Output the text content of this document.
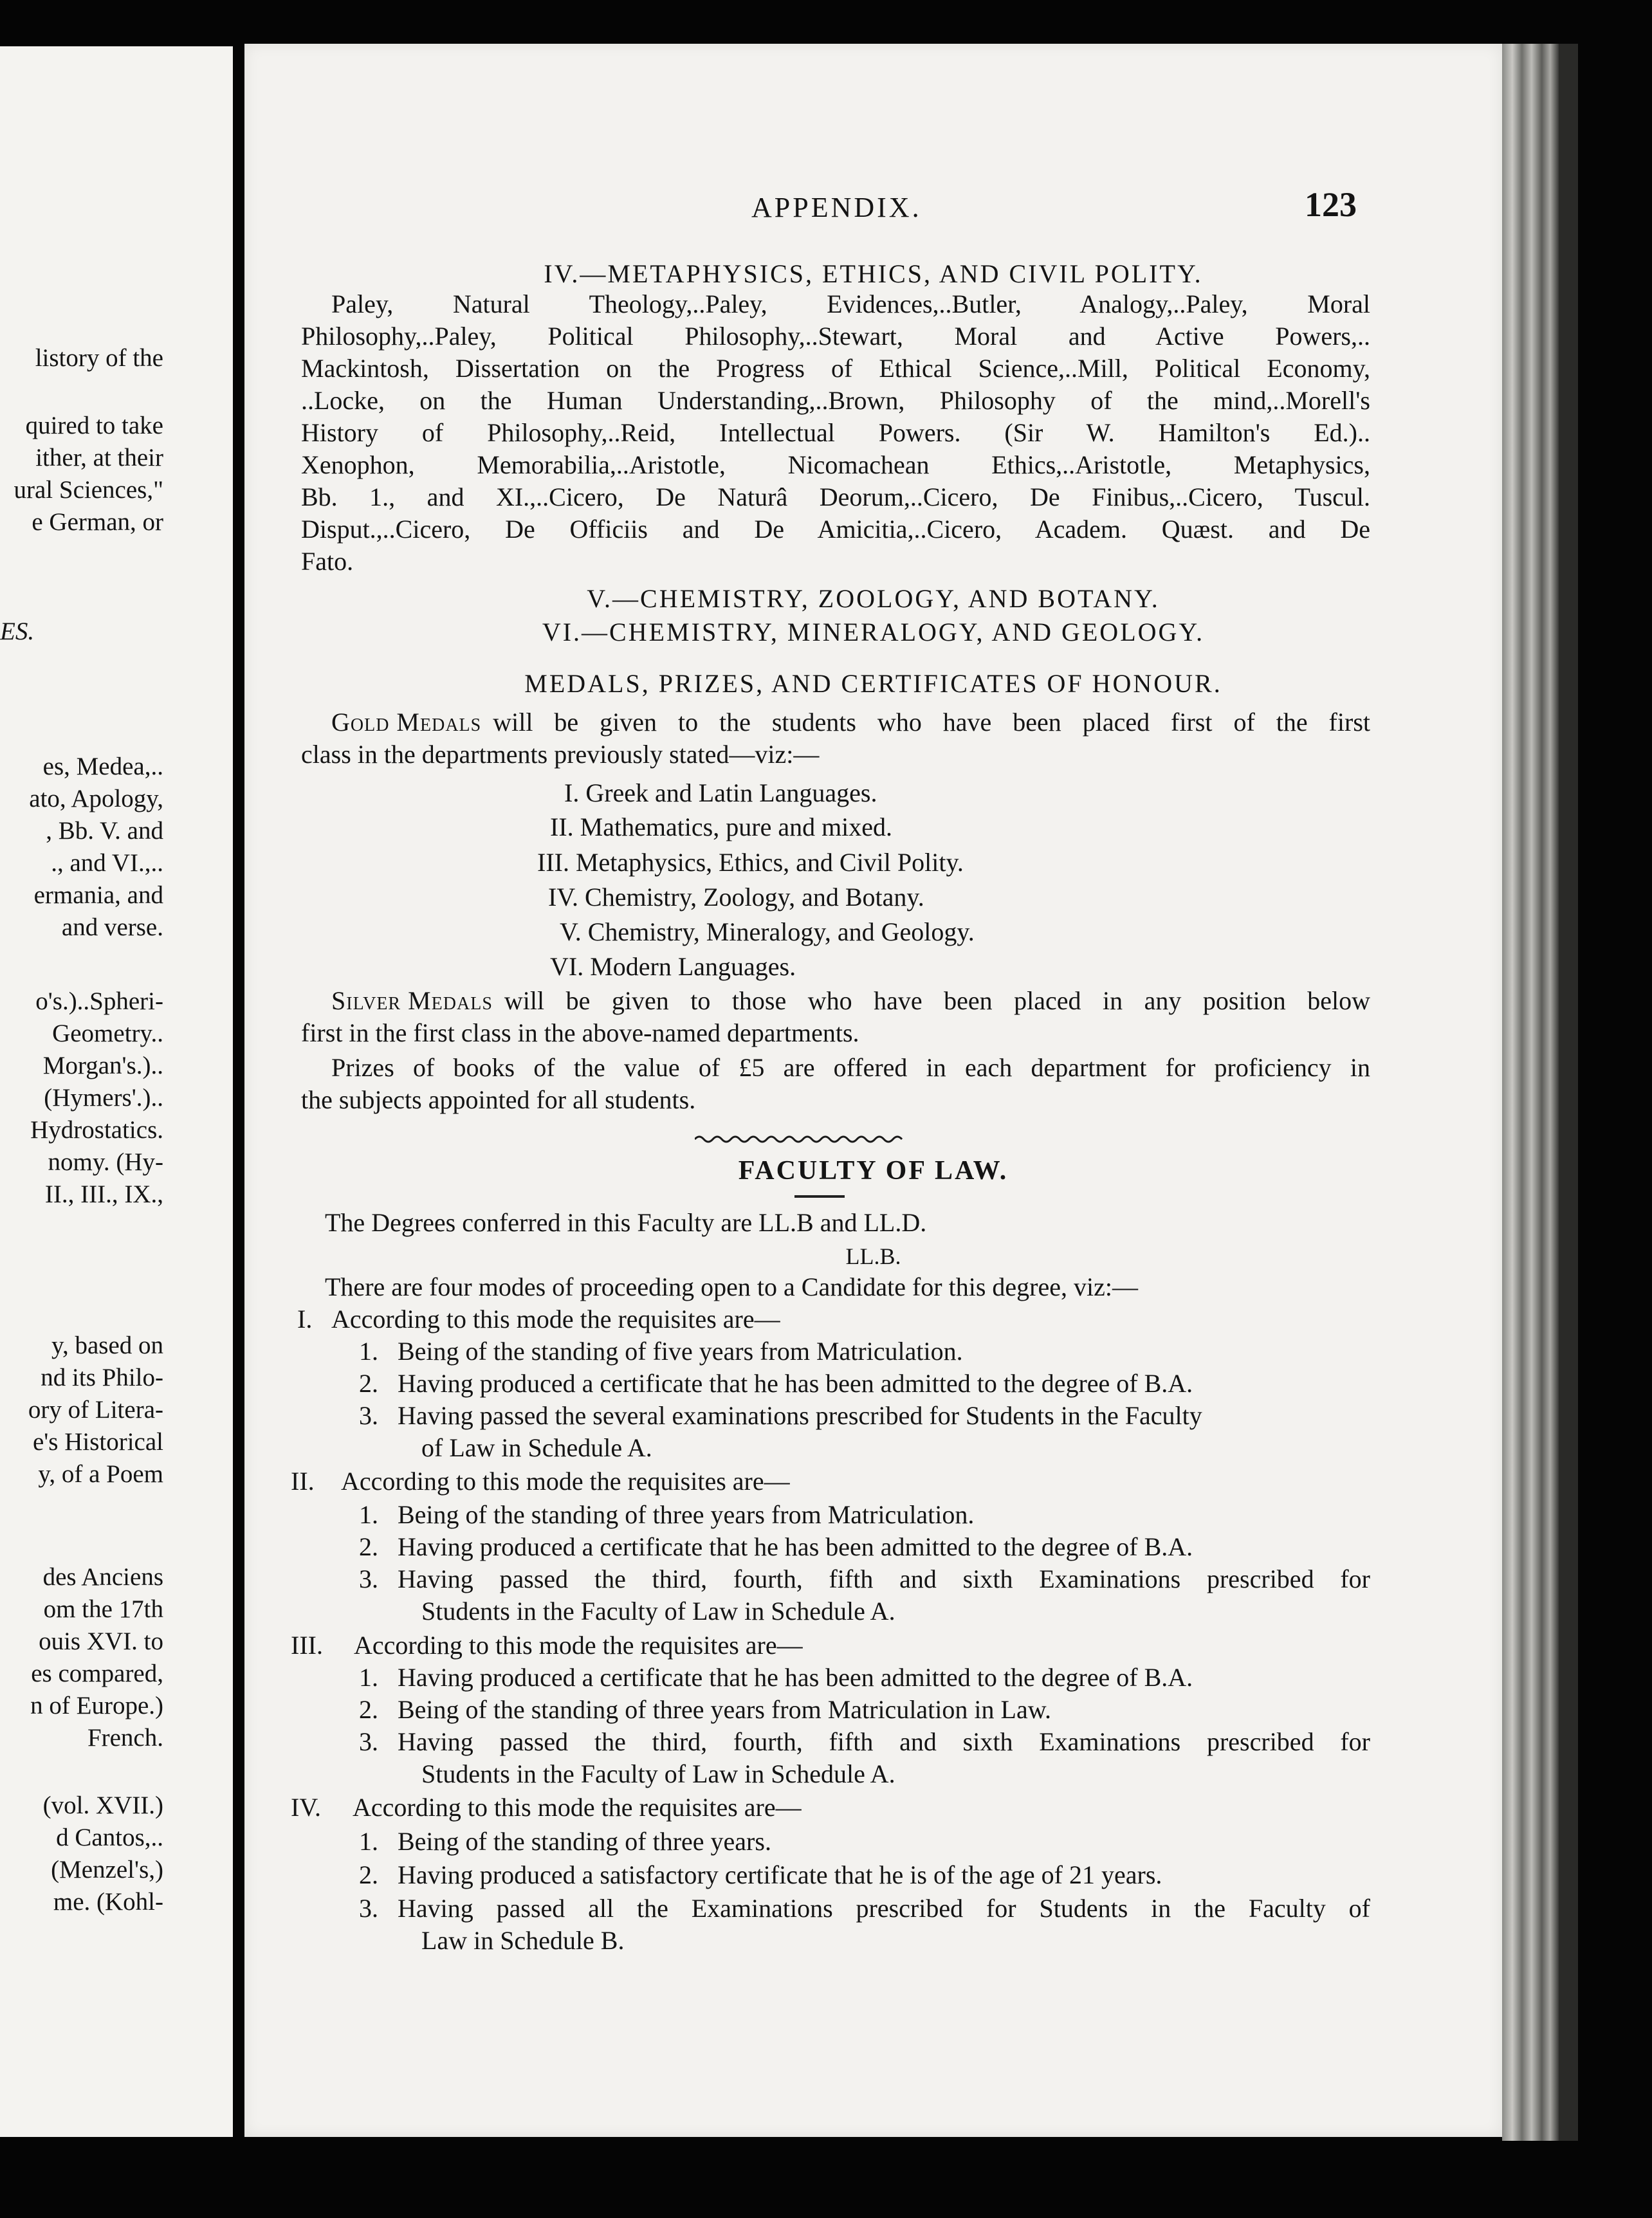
listory of the
quired to take
ither, at their
ural Sciences,"
e German, or
ES.
es, Medea,..
ato, Apology,
, Bb. V. and
., and VI.,..
ermania, and
and verse.
o's.)..Spheri-
Geometry..
Morgan's.)..
(Hymers'.)..
Hydrostatics.
nomy. (Hy-
II., III., IX.,
y, based on
nd its Philo-
ory of Litera-
e's Historical
y, of a Poem
des Anciens
om the 17th
ouis XVI. to
es compared,
n of Europe.)
French.
(vol. XVII.)
d Cantos,..
(Menzel's,)
me. (Kohl-
APPENDIX.	123
IV.—METAPHYSICS, ETHICS, AND CIVIL POLITY.
Paley, Natural Theology,..Paley, Evidences,..Butler, Analogy,..Paley, Moral
Philosophy,..Paley, Political Philosophy,..Stewart, Moral and Active Powers,..
Mackintosh, Dissertation on the Progress of Ethical Science,..Mill, Political Economy,
..Locke, on the Human Understanding,..Brown, Philosophy of the mind,..Morell's
History of Philosophy,..Reid, Intellectual Powers. (Sir W. Hamilton's Ed.)..
Xenophon, Memorabilia,..Aristotle, Nicomachean Ethics,..Aristotle, Metaphysics,
Bb. 1., and XI.,..Cicero, De Naturâ Deorum,..Cicero, De Finibus,..Cicero, Tuscul.
Disput.,..Cicero, De Officiis and De Amicitia,..Cicero, Academ. Quæst. and De
Fato.
V.—CHEMISTRY, ZOOLOGY, AND BOTANY.
VI.—CHEMISTRY, MINERALOGY, AND GEOLOGY.
MEDALS, PRIZES, AND CERTIFICATES OF HONOUR.
Gold Medals will be given to the students who have been placed first of the first
class in the departments previously stated—viz:—
I. Greek and Latin Languages.
II. Mathematics, pure and mixed.
III. Metaphysics, Ethics, and Civil Polity.
IV. Chemistry, Zoology, and Botany.
V. Chemistry, Mineralogy, and Geology.
VI. Modern Languages.
Silver Medals will be given to those who have been placed in any position below
first in the first class in the above-named departments.
Prizes of books of the value of £5 are offered in each department for proficiency in
the subjects appointed for all students.
FACULTY OF LAW.
The Degrees conferred in this Faculty are LL.B and LL.D.
LL.B.
There are four modes of proceeding open to a Candidate for this degree, viz:—
I. According to this mode the requisites are—
1. Being of the standing of five years from Matriculation.
2. Having produced a certificate that he has been admitted to the degree of B.A.
3. Having passed the several examinations prescribed for Students in the Faculty
of Law in Schedule A.
II. According to this mode the requisites are—
1. Being of the standing of three years from Matriculation.
2. Having produced a certificate that he has been admitted to the degree of B.A.
3. Having passed the third, fourth, fifth and sixth Examinations prescribed for
Students in the Faculty of Law in Schedule A.
III. According to this mode the requisites are—
1. Having produced a certificate that he has been admitted to the degree of B.A.
2. Being of the standing of three years from Matriculation in Law.
3. Having passed the third, fourth, fifth and sixth Examinations prescribed for
Students in the Faculty of Law in Schedule A.
IV. According to this mode the requisites are—
1. Being of the standing of three years.
2. Having produced a satisfactory certificate that he is of the age of 21 years.
3. Having passed all the Examinations prescribed for Students in the Faculty of
Law in Schedule B.
